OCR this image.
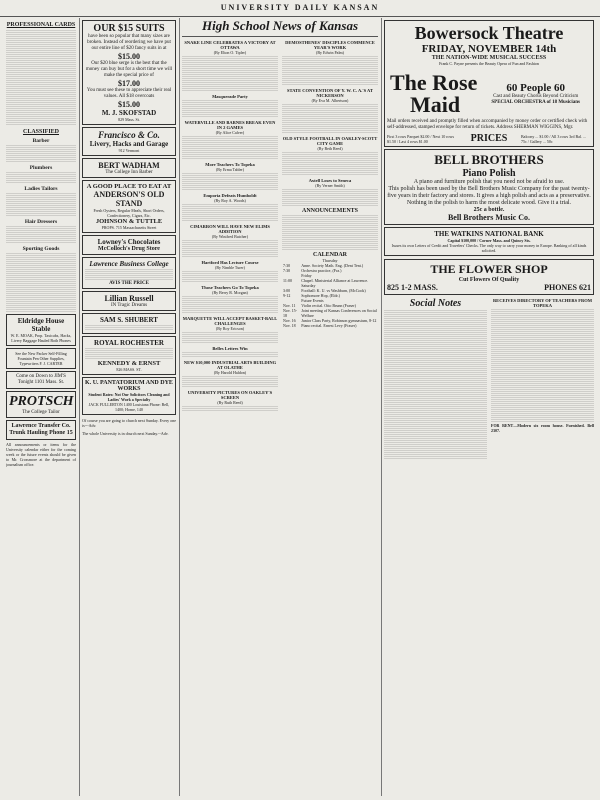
UNIVERSITY DAILY KANSAN
PROFESSIONAL CARDS
CLASSIFIED
Barber
Plumbers
Ladies Tailors
Hair Dressers
Sporting Goods
Eldridge House Stable
W. E. MOAK, Prop. Taxicabs, Hacks, Livery Baggage Hauled Both Phones
See the New Packer Self-Filling Fountain Pen Other Supplies, Typewriters F. J. CARTER
Come on Down to JIM'S Tonight 1101 Mass. St.
PROTSCH
The College Tailor
Lawrence Transfer Co. Trunk Hauling Phone 15
All announcements or items for the University calendar either for the coming week or the future events should be given to Mr. Crossmore at the department of journalism office.
OUR $15 SUITS
have been so popular that many sizes are broken. Instead of reordering we have put our entire line of $20 fancy suits in at
$15.00
Our $20 blue serge is the best that the money can buy but for a short time we will make the special price of
$17.00
You must see these to appreciate their real values. All $18 overcoats
$15.00
M. J. SKOFSTAD
829 Mass. St.
Francisco & Co.
Livery, Hacks and Garage
912 Vermont
BERT WADHAM
The College Inn Barber
A GOOD PLACE TO EAT AT
ANDERSON'S OLD STAND
Fresh Oysters, Regular Meals, Short Orders, Confectionery, Cigars, Etc.
JOHNSON & TUTTLE
PROPS. 715 Massachusetts Street
Lowney's Chocolates
McColloch's Drug Store
Lawrence Business College
AVIS THE PRICE
Lillian Russell
IN Tragic Dreams
SAM S. SHUBERT
ROYAL ROCHESTER
KENNEDY & ERNST
826 MASS. ST.
K. U. PANTATORIUM AND DYE WORKS
Student Rates: Not Our Solicitors Cleaning and Ladies' Work a Specialty
JACK FULLERTON 1400 Louisiana Phone: Bell, 1400; Home, 140
Of course you are going to church next Sunday. Every one is---Adv.
The whole University is in church next Sunday.--Adv.
High School News of Kansas
SNAKE LINE CELEBRATES A VICTORY AT OTTAWA
(By Elton O. Tipler)
Masquerade Party
WATERVILLE AND BARNES BREAK EVEN IN 2 GAMES
(By Alice Calver)
More Teachers To Topeka
(By Erma Tabler)
Emporia Defeats Humboldt
(By Roy A. Woods)
CIMARRON WILL HAVE NEW ELIMS ADDITION
(By Winifred Butcher)
Hartford Has Lecture Course
(By Nimble Turer)
Those Teachers Go To Topeka
(By Berry R. Morgan)
MARQUETTE WILL ACCEPT BASKET-BALL CHALLENGES
(By Roy Ericson)
Belles Lettres Win
NEW $10,000 INDUSTRIAL ARTS BUILDING AT OLATHE
(By Harold Haldon)
UNIVERSITY PICTURES ON OAKLEY'S SCREEN
(By Ruth Reed)
DEMOSTHENES' DISCIPLES COMMENCE YEAR'S WORK
(By Edwin Palm)
STATE CONVENTION OF Y. W. C. A.'S AT NICKERSON
(By Eva M. Albertson)
OLD STYLE FOOTBALL IN OAKLEY-SCOTT CITY GAME
(By Beth Reed)
Axtell Loses to Seneca
(By Verner Smith)
ANNOUNCEMENTS
CALENDAR
Thursday
7:30	Anne. Society Math. Eng. (Dent Tent.)
7:30	Orchestra practice, (Fra.)
	Friday
11:00	Chapel. Ministerial Alliance at Lawrence.
	Saturday
3:00	Football: K. U. vs Washburn, (McCook)
9-12	Sophomore Hop, (Eldr.)
	Future Events
Nov. 11	Violin recital. Otto Brunn (Fraser)
Nov. 15-18	Joint meeting of Kansas Conferences on Social Welfare
Nov. 16	Junior Class Party, Robinson gymnasium, 8-12
Nov. 18	Piano recital. Ernest Levy (Fraser)
Bowersock Theatre
FRIDAY, NOVEMBER 14th
THE NATION-WIDE MUSICAL SUCCESS
Frank C. Payne presents the Beauty Opera of Fun and Fashion
The Rose
Maid
60 People 60
Cast and Beauty Chorus Beyond Criticism
SPECIAL ORCHESTRA of 18 Musicians
Mail orders received and promptly filled when accompanied by money order or certified check with self-addressed, stamped envelope for return of tickets. Address SHERMAN WIGGINS, Mgr.
First 3 rows Parquet $2.00 / Next 10 rows $1.50 / Last 4 rows $1.00	PRICES	Balcony ... $1.00 / All 3 rows 3rd Bal. ... 75c / Gallery ... 50c
BELL BROTHERS
Piano Polish
A piano and furniture polish that you need not be afraid to use.
This polish has been used by the Bell Brothers Music Company for the past twenty-five years in their factory and stores. It gives a high polish and acts as a preservative.
Nothing in the polish to harm the most delicate wood. Give it a trial.
25c a bottle.
Bell Brothers Music Co.
THE WATKINS NATIONAL BANK
Capital $100,000 / Corner Mass. and Quincy Sts.
Issues its own Letters of Credit and Travelers' Checks. The only way to carry your money in Europe. Banking of all kinds solicited.
THE FLOWER SHOP
Cut Flowers Of Quality
825 1-2 MASS.	PHONES 621
Social Notes	RECEIVES DIRECTORY OF TEACHERS FROM TOPEKA
FOR RENT—Modern six room house. Furnished. Bell 2307.
